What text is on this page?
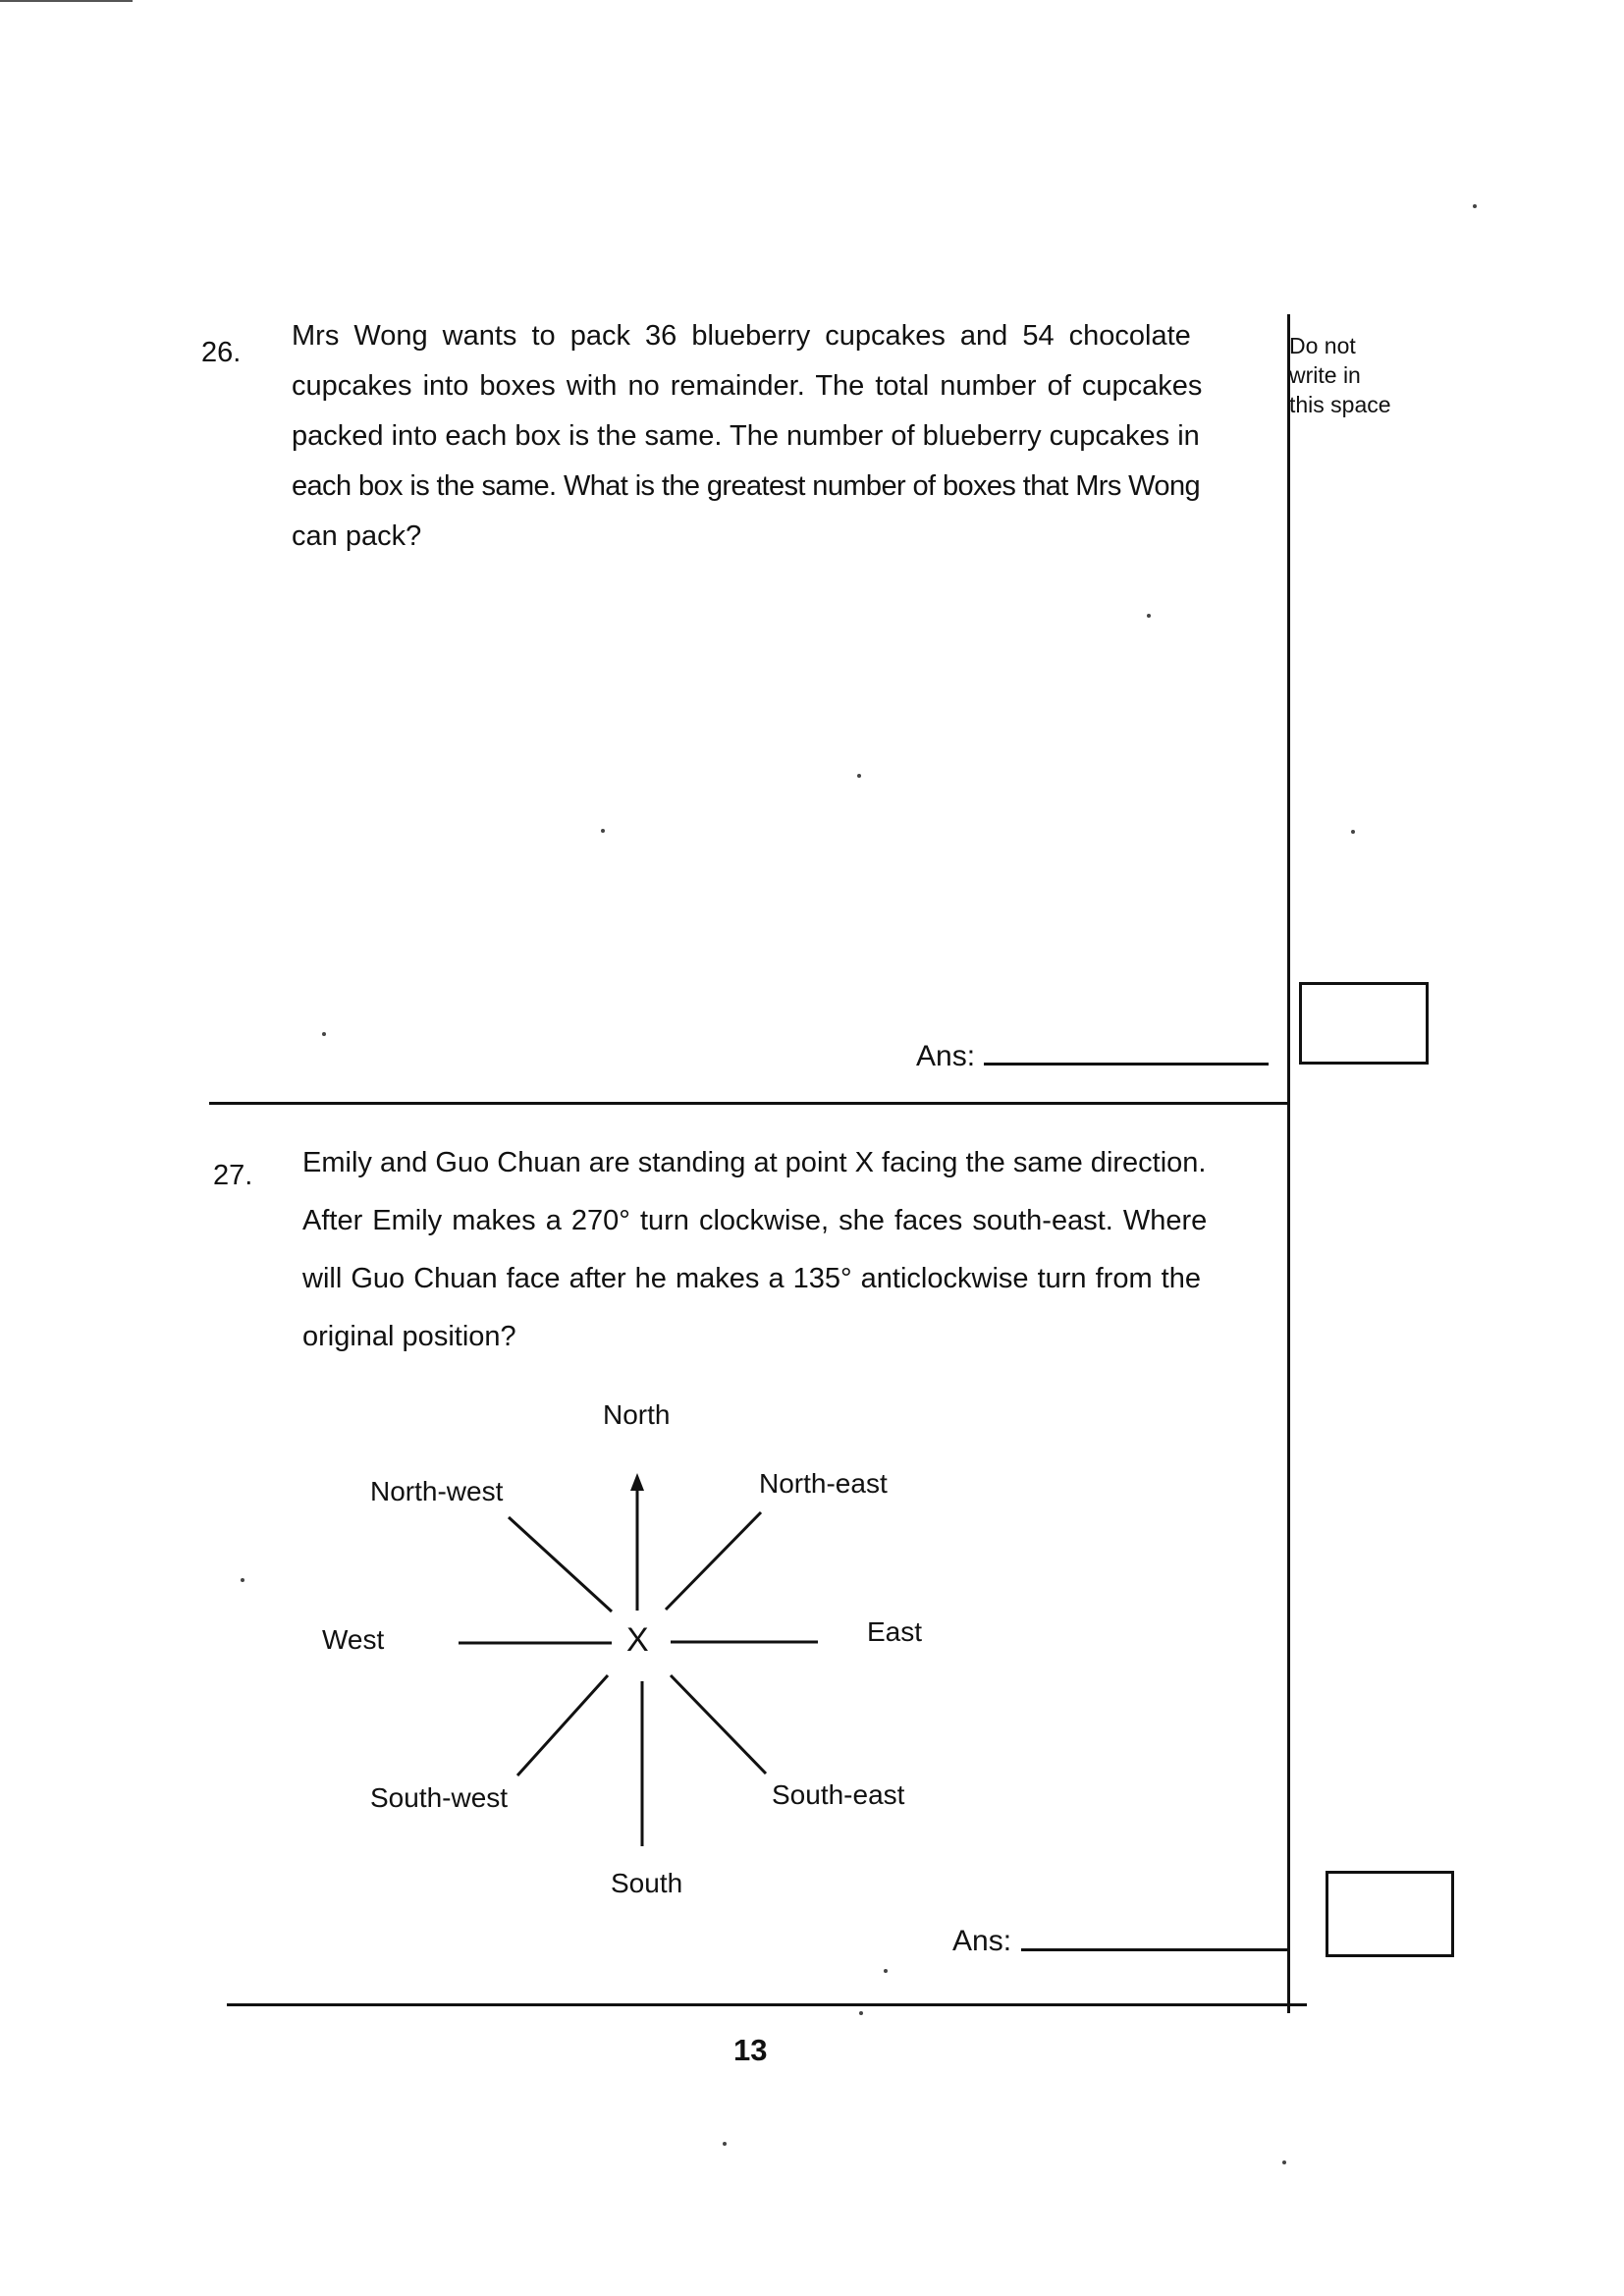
Do not
write in
this space
26.
Mrs Wong wants to pack 36 blueberry cupcakes and 54 chocolate
cupcakes into boxes with no remainder. The total number of cupcakes
packed into each box is the same. The number of blueberry cupcakes in
each box is the same. What is the greatest number of boxes that Mrs Wong
can pack?
Ans:
27. Emily and Guo Chuan are standing at point X facing the same direction.
After Emily makes a 270° turn clockwise, she faces south-east. Where
will Guo Chuan face after he makes a 135° anticlockwise turn from the
original position?
X
North
North-west	North-east
West	East
South-west	South-east
South
Ans:
13
